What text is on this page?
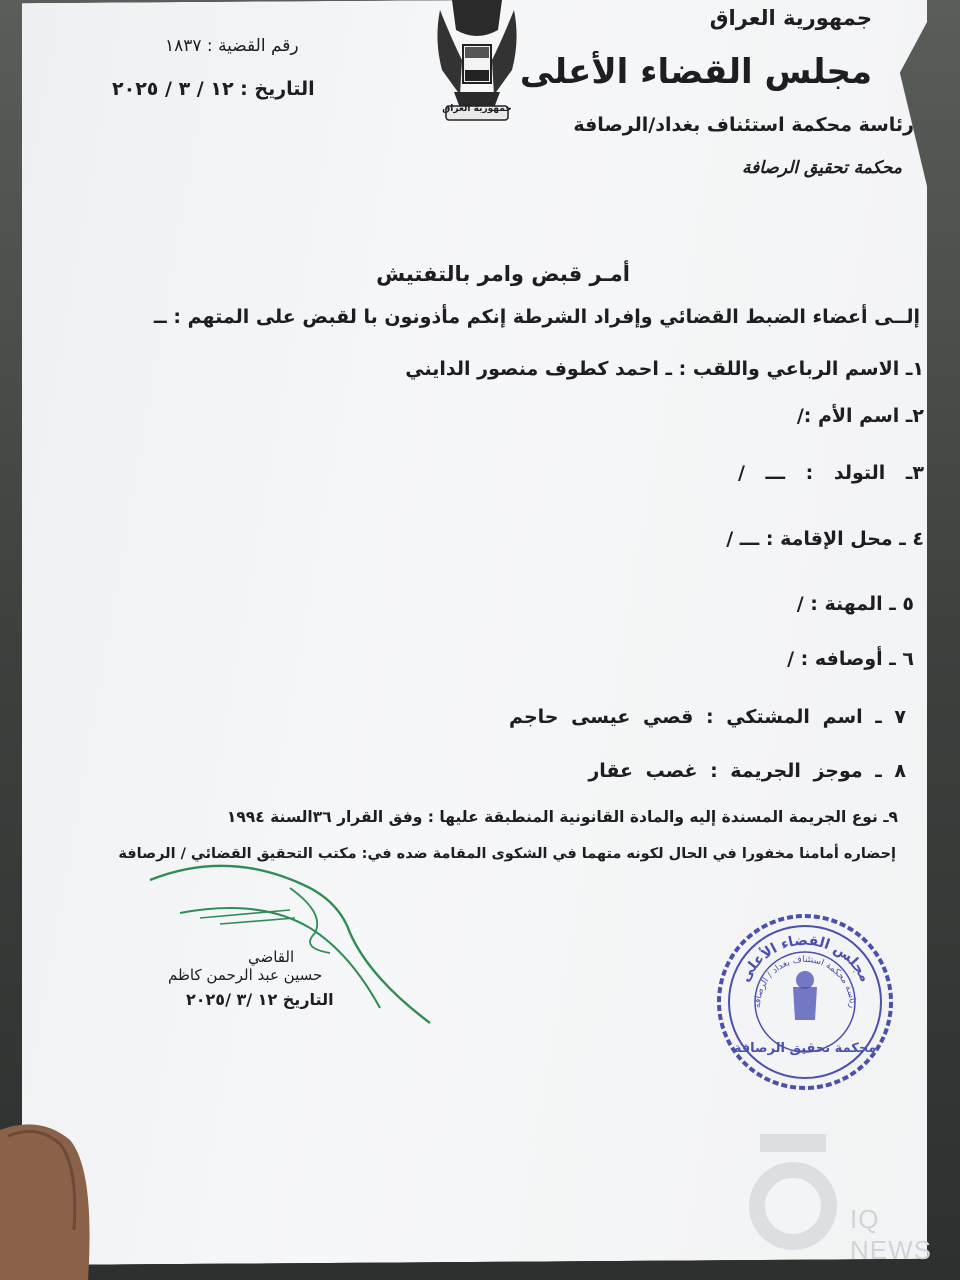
جمهورية العراق
جمهورية العراق
مجلس القضاء الأعلى
رئاسة محكمة استئناف بغداد/الرصافة
محكمة تحقيق الرصافة
رقم القضية : ١٨٣٧
التاريخ : ١٢ / ٣ / ٢٠٢٥
أمـر قبض وامر بالتفتيش
إلــى أعضاء الضبط القضائي وإفراد الشرطة إنكم مأذونون با لقبض على المتهم : ــ
١ـ الاسم الرباعي واللقب : ـ احمد كطوف منصور الدايني
٢ـ اسم الأم :/
٣ـ التولد : ـــ /
٤ ـ محل الإقامة : ـــ /
٥ ـ المهنة : /
٦ ـ أوصافه : /
٧ ـ اسم المشتكي : قصي عيسى حاجم
٨ ـ موجز الجريمة : غصب عقار
٩ـ نوع الجريمة المسندة إليه والمادة القانونية المنطبقة عليها : وفق القرار ٣٦السنة ١٩٩٤
إحضاره أمامنا مخفورا في الحال لكونه متهما في الشكوى المقامة ضده في: مكتب التحقيق القضائي / الرصافة
القاضي
حسين عبد الرحمن كاظم
التاريخ ١٢ /٣ /٢٠٢٥
مجلس القضاء الأعلى
رئاسة محكمة استئناف بغداد / الرصافة
محكمة تحقيق الرصافة
IQ NEWS
